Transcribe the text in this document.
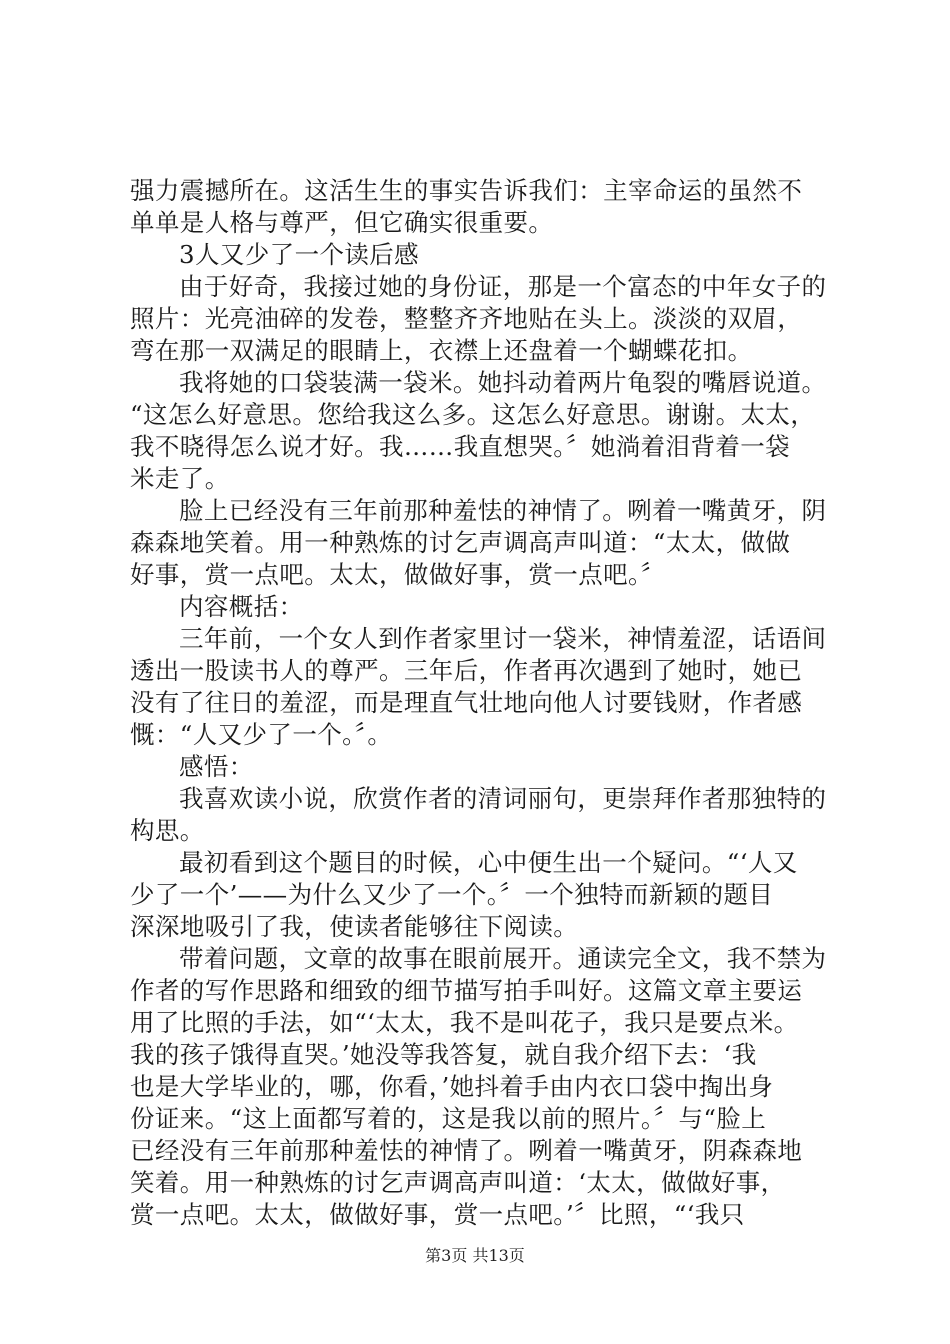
强力震撼所在。这活生生的事实告诉我们：主宰命运的虽然不

单单是人格与尊严，但它确实很重要。

3人又少了一个读后感

由于好奇，我接过她的身份证，那是一个富态的中年女子的

照片：光亮油碎的发卷，整整齐齐地贴在头上。淡淡的双眉，

弯在那一双满足的眼睛上，衣襟上还盘着一个蝴蝶花扣。

我将她的口袋装满一袋米。她抖动着两片龟裂的嘴唇说道。

“这怎么好意思。您给我这么多。这怎么好意思。谢谢。太太，

我不晓得怎么说才好。我……我直想哭。〞她淌着泪背着一袋

米走了。

脸上已经没有三年前那种羞怯的神情了。咧着一嘴黄牙，阴

森森地笑着。用一种熟炼的讨乞声调高声叫道：“太太，做做

好事，赏一点吧。太太，做做好事，赏一点吧。〞

内容概括：

三年前，一个女人到作者家里讨一袋米，神情羞涩，话语间

透出一股读书人的尊严。三年后，作者再次遇到了她时，她已

没有了往日的羞涩，而是理直气壮地向他人讨要钱财，作者感

慨：“人又少了一个。〞。

感悟：

我喜欢读小说，欣赏作者的清词丽句，更崇拜作者那独特的

构思。

最初看到这个题目的时候，心中便生出一个疑问。“‘人又

少了一个’——为什么又少了一个。〞一个独特而新颖的题目

深深地吸引了我，使读者能够往下阅读。

带着问题，文章的故事在眼前展开。通读完全文，我不禁为

作者的写作思路和细致的细节描写拍手叫好。这篇文章主要运

用了比照的手法，如“‘太太，我不是叫花子，我只是要点米。

我的孩子饿得直哭。’她没等我答复，就自我介绍下去：‘我

也是大学毕业的，哪，你看，’她抖着手由内衣口袋中掏出身

份证来。“这上面都写着的，这是我以前的照片。〞与“脸上

已经没有三年前那种羞怯的神情了。咧着一嘴黄牙，阴森森地

笑着。用一种熟炼的讨乞声调高声叫道：‘太太，做做好事，

赏一点吧。太太，做做好事，赏一点吧。’〞比照，“‘我只

第3页 共13页
